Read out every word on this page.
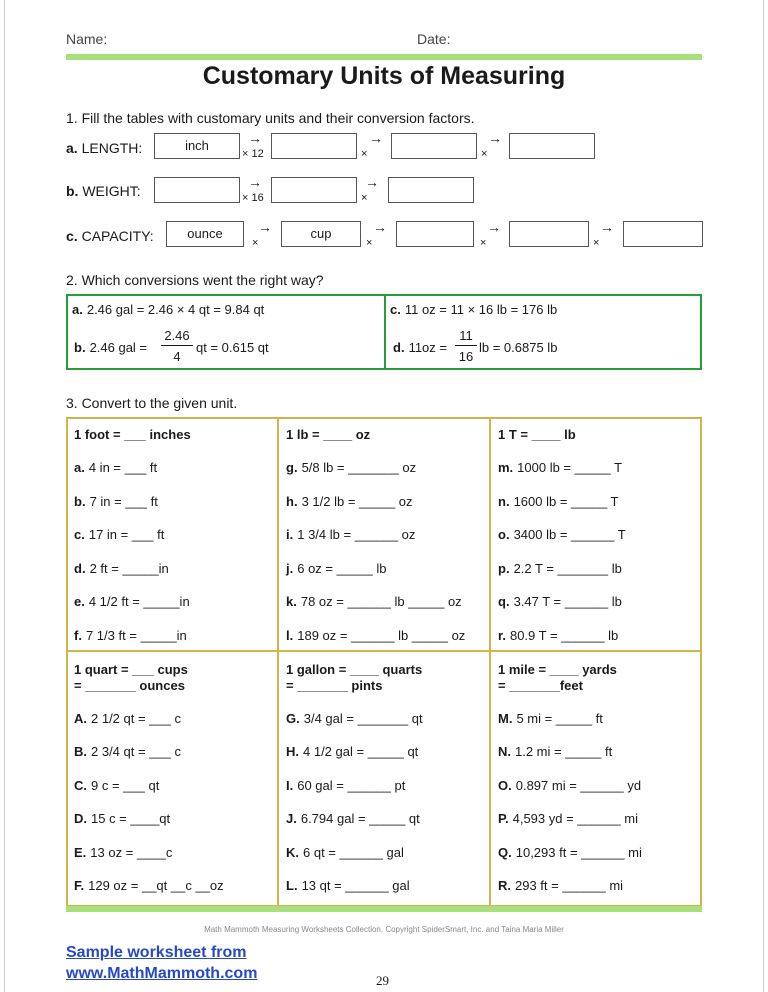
Name:	Date:
Customary Units of Measuring
1. Fill the tables with customary units and their conversion factors.
a. LENGTH:	inch	→
× 12
→
×
→
×
b. WEIGHT:
→
× 16
→
×
c. CAPACITY:	ounce	→
×
cup	→
×
→
×
→
×
2. Which conversions went the right way?
a. 2.46 gal = 2.46 × 4 qt = 9.84 qt
b. 2.46 gal =
2.46
4
qt = 0.615 qt
c. 11 oz = 11 × 16 lb = 176 lb
d. 11oz =
11
16
lb = 0.6875 lb
3. Convert to the given unit.
1 foot = ___ inches
a. 4 in = ___ ft
b. 7 in = ___ ft
c. 17 in = ___ ft
d. 2 ft = _____in
e. 4 1/2 ft = _____in
f. 7 1/3 ft = _____in
1 lb = ____ oz
g. 5/8 lb = _______ oz
h. 3 1/2 lb = _____ oz
i. 1 3/4 lb = ______ oz
j. 6 oz = _____ lb
k. 78 oz = ______ lb _____ oz
l. 189 oz = ______ lb _____ oz
1 T = ____ lb
m. 1000 lb = _____ T
n. 1600 lb = _____ T
o. 3400 lb = ______ T
p. 2.2 T = _______ lb
q. 3.47 T = ______ lb
r. 80.9 T = ______ lb
1 quart = ___ cups
= _______ ounces
A. 2 1/2 qt = ___ c
B. 2 3/4 qt = ___ c
C. 9 c = ___ qt
D. 15 c = ____qt
E. 13 oz = ____c
F. 129 oz = __qt __c __oz
1 gallon = ____ quarts
= _______ pints
G. 3/4 gal = _______ qt
H. 4 1/2 gal = _____ qt
I. 60 gal = ______ pt
J. 6.794 gal = _____ qt
K. 6 qt = ______ gal
L. 13 qt = ______ gal
1 mile = ____ yards
= _______feet
M. 5 mi = _____ ft
N. 1.2 mi = _____ ft
O. 0.897 mi = ______ yd
P. 4,593 yd = ______ mi
Q. 10,293 ft = ______ mi
R. 293 ft = ______ mi
Math Mammoth Measuring Worksheets Collection. Copyright SpiderSmart, Inc. and Taina Maria Miller
Sample worksheet from
www.MathMammoth.com	29
